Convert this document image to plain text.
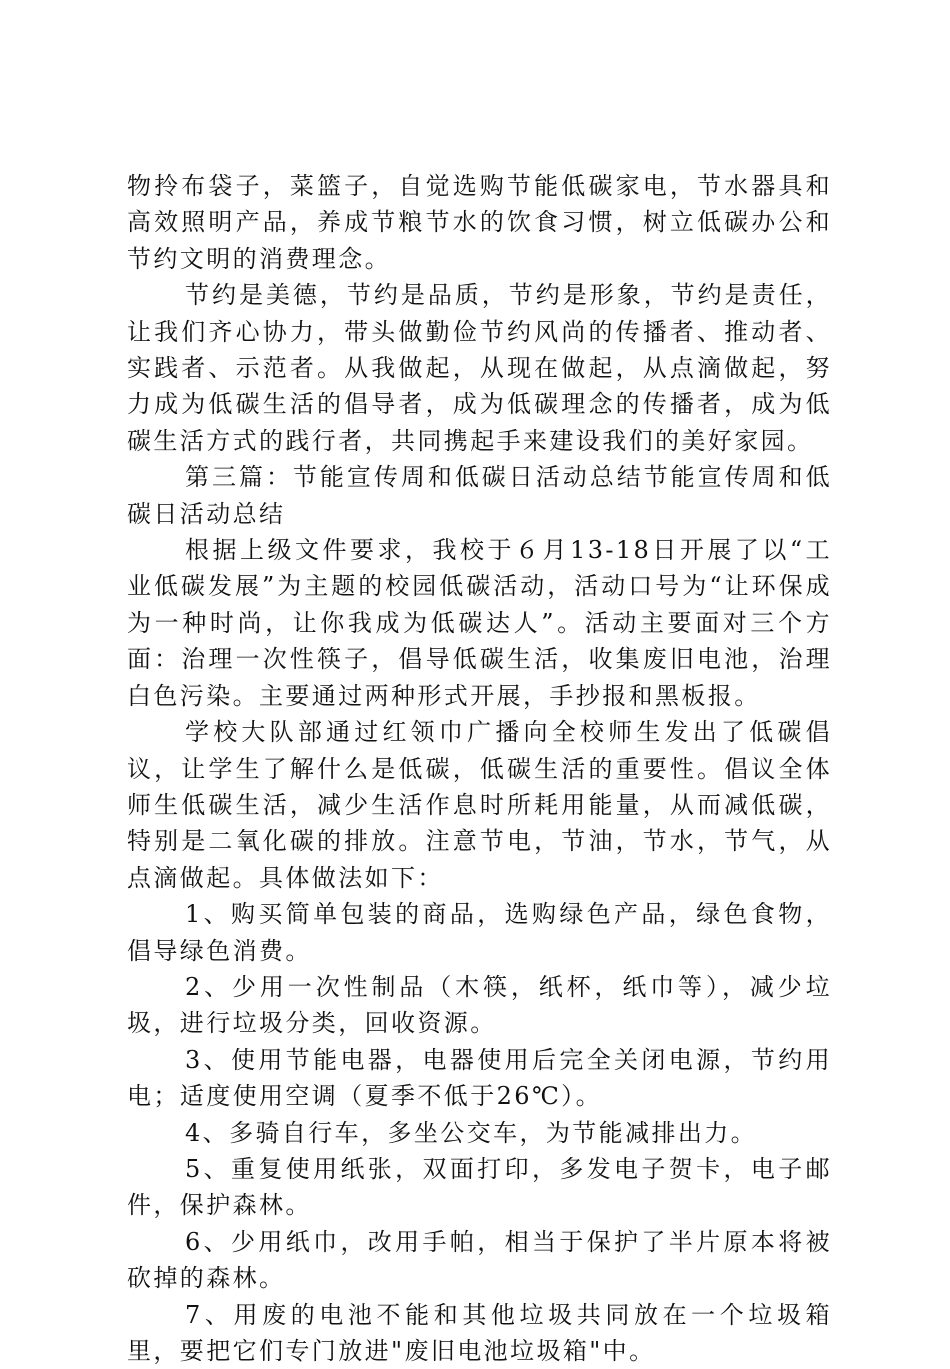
物拎布袋子，菜篮子，自觉选购节能低碳家电，节水器具和高效照明产品，养成节粮节水的饮食习惯，树立低碳办公和节约文明的消费理念。

节约是美德，节约是品质，节约是形象，节约是责任，让我们齐心协力，带头做勤俭节约风尚的传播者、推动者、实践者、示范者。从我做起，从现在做起，从点滴做起，努力成为低碳生活的倡导者，成为低碳理念的传播者，成为低碳生活方式的践行者，共同携起手来建设我们的美好家园。

第三篇：节能宣传周和低碳日活动总结节能宣传周和低碳日活动总结

根据上级文件要求，我校于６月13-18日开展了以“工业低碳发展”为主题的校园低碳活动，活动口号为“让环保成为一种时尚，让你我成为低碳达人”。活动主要面对三个方面：治理一次性筷子，倡导低碳生活，收集废旧电池，治理白色污染。主要通过两种形式开展，手抄报和黑板报。

学校大队部通过红领巾广播向全校师生发出了低碳倡议，让学生了解什么是低碳，低碳生活的重要性。倡议全体师生低碳生活，减少生活作息时所耗用能量，从而减低碳，特别是二氧化碳的排放。注意节电，节油，节水，节气，从点滴做起。具体做法如下：

1、购买简单包装的商品，选购绿色产品，绿色食物，倡导绿色消费。

2、少用一次性制品（木筷，纸杯，纸巾等），减少垃圾，进行垃圾分类，回收资源。

3、使用节能电器，电器使用后完全关闭电源，节约用电；适度使用空调（夏季不低于26℃）。

4、多骑自行车，多坐公交车，为节能减排出力。

5、重复使用纸张，双面打印，多发电子贺卡，电子邮件，保护森林。

6、少用纸巾，改用手帕，相当于保护了半片原本将被砍掉的森林。

7、用废的电池不能和其他垃圾共同放在一个垃圾箱里，要把它们专门放进"废旧电池垃圾箱"中。
